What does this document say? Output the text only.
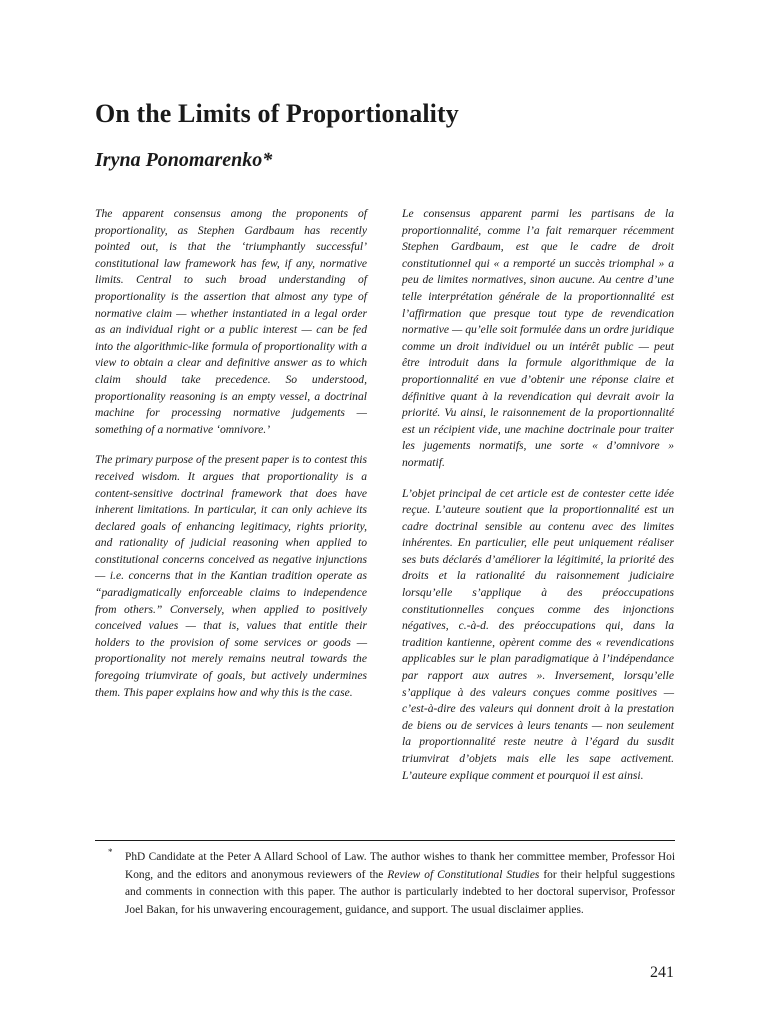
On the Limits of Proportionality
Iryna Ponomarenko*

The apparent consensus among the proponents of proportionality, as Stephen Gardbaum has recently pointed out, is that the ‘triumphantly successful’ constitutional law framework has few, if any, normative limits. Central to such broad understanding of proportionality is the assertion that almost any type of normative claim — whether instantiated in a legal order as an individual right or a public interest — can be fed into the algorithmic-like formula of proportionality with a view to obtain a clear and definitive answer as to which claim should take precedence. So understood, proportionality reasoning is an empty vessel, a doctrinal machine for processing normative judgements — something of a normative ‘omnivore.’

The primary purpose of the present paper is to contest this received wisdom. It argues that proportionality is a content-sensitive doctrinal framework that does have inherent limitations. In particular, it can only achieve its declared goals of enhancing legitimacy, rights priority, and rationality of judicial reasoning when applied to constitutional concerns conceived as negative injunctions — i.e. concerns that in the Kantian tradition operate as “paradigmatically enforceable claims to independence from others.” Conversely, when applied to positively conceived values — that is, values that entitle their holders to the provision of some services or goods — proportionality not merely remains neutral towards the foregoing triumvirate of goals, but actively undermines them. This paper explains how and why this is the case.

Le consensus apparent parmi les partisans de la proportionnalité, comme l’a fait remarquer récemment Stephen Gardbaum, est que le cadre de droit constitutionnel qui « a remporté un succès triomphal » a peu de limites normatives, sinon aucune. Au centre d’une telle interprétation générale de la proportionnalité est l’affirmation que presque tout type de revendication normative — qu’elle soit formulée dans un ordre juridique comme un droit individuel ou un intérêt public — peut être introduit dans la formule algorithmique de la proportionnalité en vue d’obtenir une réponse claire et définitive quant à la revendication qui devrait avoir la priorité. Vu ainsi, le raisonnement de la proportionnalité est un récipient vide, une machine doctrinale pour traiter les jugements normatifs, une sorte « d’omnivore » normatif.

L’objet principal de cet article est de contester cette idée reçue. L’auteure soutient que la proportionnalité est un cadre doctrinal sensible au contenu avec des limites inhérentes. En particulier, elle peut uniquement réaliser ses buts déclarés d’améliorer la légitimité, la priorité des droits et la rationalité du raisonnement judiciaire lorsqu’elle s’applique à des préoccupations constitutionnelles conçues comme des injonctions négatives, c.-à-d. des préoccupations qui, dans la tradition kantienne, opèrent comme des « revendications applicables sur le plan paradigmatique à l’indépendance par rapport aux autres ». Inversement, lorsqu’elle s’applique à des valeurs conçues comme positives — c’est-à-dire des valeurs qui donnent droit à la prestation de biens ou de services à leurs tenants — non seulement la proportionnalité reste neutre à l’égard du susdit triumvirat d’objets mais elle les sape activement. L’auteure explique comment et pourquoi il est ainsi.

* PhD Candidate at the Peter A Allard School of Law. The author wishes to thank her committee member, Professor Hoi Kong, and the editors and anonymous reviewers of the Review of Constitutional Studies for their helpful suggestions and comments in connection with this paper. The author is particularly indebted to her doctoral supervisor, Professor Joel Bakan, for his unwavering encouragement, guidance, and support. The usual disclaimer applies.

241
